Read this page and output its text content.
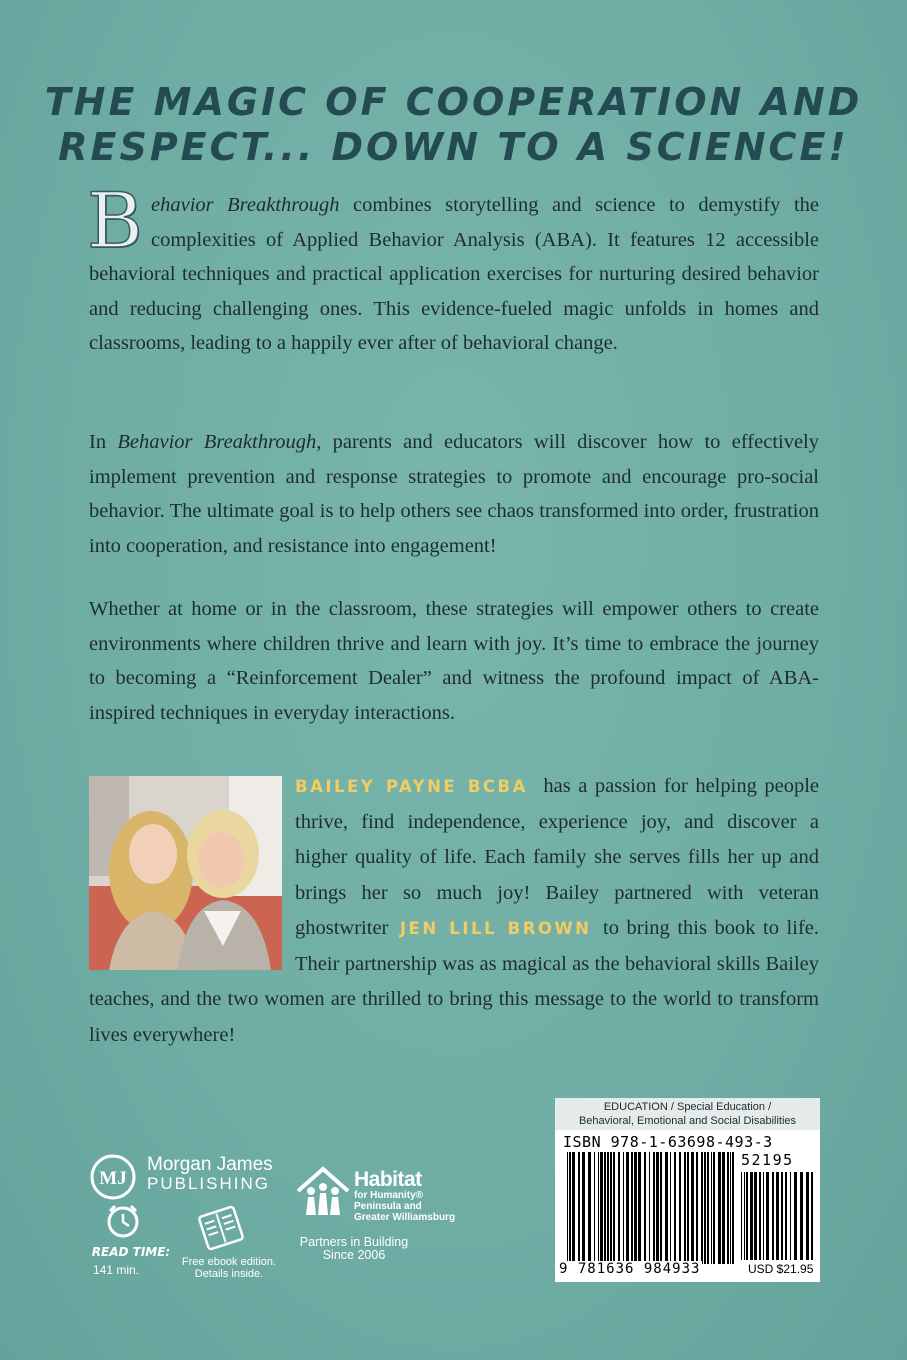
THE MAGIC OF COOPERATION AND
RESPECT... DOWN TO A SCIENCE!
Behavior Breakthrough combines storytelling and science to demystify the complexities of Applied Behavior Analysis (ABA). It features 12 accessible behavioral techniques and practical application exercises for nurturing desired behavior and reducing challenging ones. This evidence-fueled magic unfolds in homes and classrooms, leading to a happily ever after of behavioral change.
In Behavior Breakthrough, parents and educators will discover how to effectively implement prevention and response strategies to promote and encourage pro-social behavior. The ultimate goal is to help others see chaos transformed into order, frustration into cooperation, and resistance into engagement!
Whether at home or in the classroom, these strategies will empower others to create environments where children thrive and learn with joy. It’s time to embrace the journey to becoming a “Reinforcement Dealer” and witness the profound impact of ABA-inspired techniques in everyday interactions.
BAILEY PAYNE BCBA has a passion for helping people thrive, find independence, experience joy, and discover a higher quality of life. Each family she serves fills her up and brings her so much joy! Bailey partnered with veteran ghostwriter JEN LILL BROWN to bring this book to life. Their partnership was as magical as the behavioral skills Bailey teaches, and the two women are thrilled to bring this message to the world to transform lives everywhere!
EDUCATION / Special Education /
Behavioral, Emotional and Social Disabilities
ISBN 978-1-63698-493-3
52195
9 781636 984933	USD $21.95
MJ
Morgan James
PUBLISHING
READ TIME:
141 min.
Free ebook edition.
Details inside.
Habitat
for Humanity®
Peninsula and
Greater Williamsburg
Partners in Building
Since 2006
